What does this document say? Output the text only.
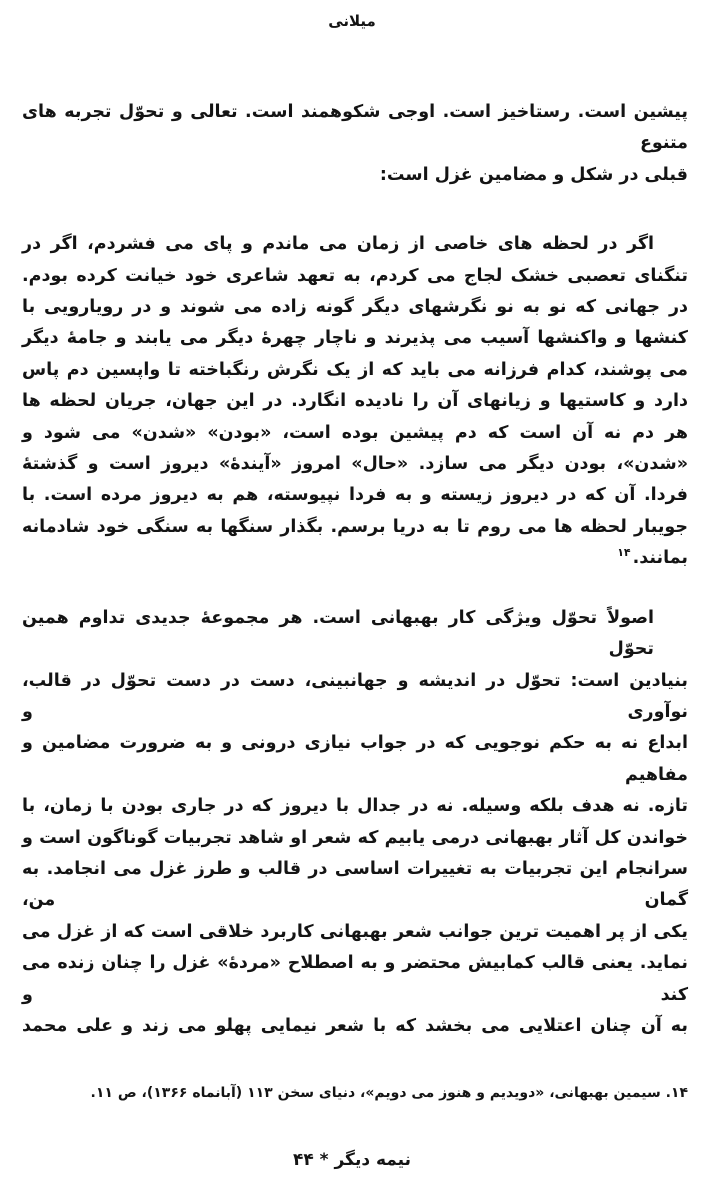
میلانی
پیشین است. رستاخیز است. اوجی شکوهمند است. تعالی و تحوّل تجربه های متنوع
قبلی در شکل و مضامین غزل است:
اگر در لحظه های خاصی از زمان می ماندم و پای می فشردم، اگر در
تنگنای تعصبی خشک لجاج می کردم، به تعهد شاعری خود خیانت کرده بودم.
در جهانی که نو به نو نگرشهای دیگر گونه زاده می شوند و در رویارویی با
کنشها و واکنشها آسیب می پذیرند و ناچار چهرهٔ دیگر می یابند و جامهٔ دیگر
می پوشند، کدام فرزانه می باید که از یک نگرش رنگباخته تا واپسین دم پاس
دارد و کاستیها و زیانهای آن را نادیده انگارد. در این جهان، جریان لحظه ها
هر دم نه آن است که دم پیشین بوده است، «بودن» «شدن» می شود و
«شدن»، بودن دیگر می سازد. «حال» امروز «آیندهٔ» دیروز است و گذشتهٔ
فردا. آن که در دیروز زیسته و به فردا نپیوسته، هم به دیروز مرده است. با
جویبار لحظه ها می روم تا به دریا برسم. بگذار سنگها به سنگی خود شادمانه
بمانند.$^{۱۴}$
اصولاً تحوّل ویژگی کار بهبهانی است. هر مجموعهٔ جدیدی تداوم همین تحوّل
بنیادین است: تحوّل در اندیشه و جهانبینی، دست در دست تحوّل در قالب، نوآوری و
ابداع نه به حکم نوجویی که در جواب نیازی درونی و به ضرورت مضامین و مفاهیم
تازه. نه هدف بلکه وسیله. نه در جدال با دیروز که در جاری بودن با زمان، با
خواندن کل آثار بهبهانی درمی یابیم که شعر او شاهد تجربیات گوناگون است و
سرانجام این تجربیات به تغییرات اساسی در قالب و طرز غزل می انجامد. به گمان من،
یکی از پر اهمیت ترین جوانب شعر بهبهانی کاربرد خلاقی است که از غزل می
نماید. یعنی قالب کمابیش محتضر و به اصطلاح «مردهٔ» غزل را چنان زنده می کند و
به آن چنان اعتلایی می بخشد که با شعر نیمایی پهلو می زند و علی محمد
۱۴. سیمین بهبهانی، «دویدیم و هنوز می دویم»، دنیای سخن ۱۱۳ (آبانماه ۱۳۶۶)، ص ۱۱.
نیمه دیگر * ۴۴
